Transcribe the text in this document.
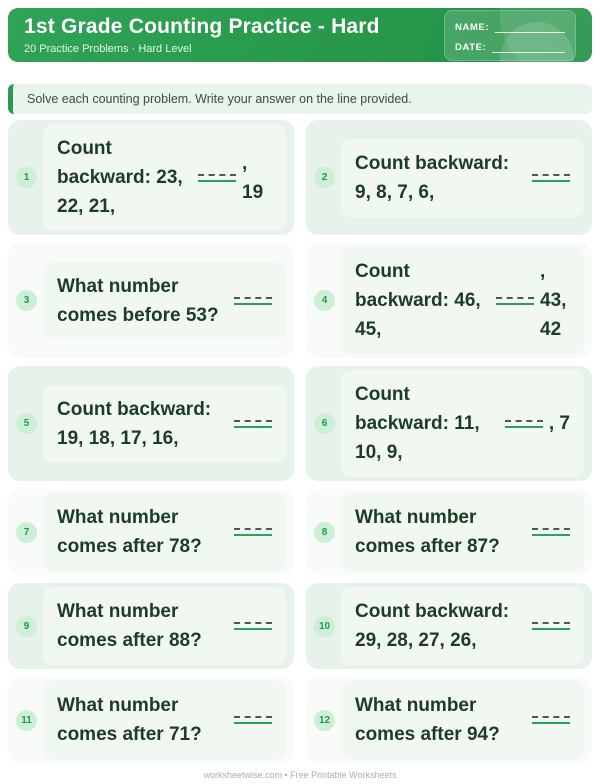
1st Grade Counting Practice - Hard
20 Practice Problems · Hard Level
NAME:
DATE:
Solve each counting problem. Write your answer on the line provided.
1
Count backward: 23, 22, 21,
, 19
2
Count backward: 9, 8, 7, 6,
3
What number comes before 53?
4
Count backward: 46, 45,
, 43, 42
5
Count backward: 19, 18, 17, 16,
6
Count backward: 11, 10, 9,
, 7
7
What number comes after 78?
8
What number comes after 87?
9
What number comes after 88?
10
Count backward: 29, 28, 27, 26,
11
What number comes after 71?
12
What number comes after 94?
worksheetwise.com • Free Printable Worksheets
